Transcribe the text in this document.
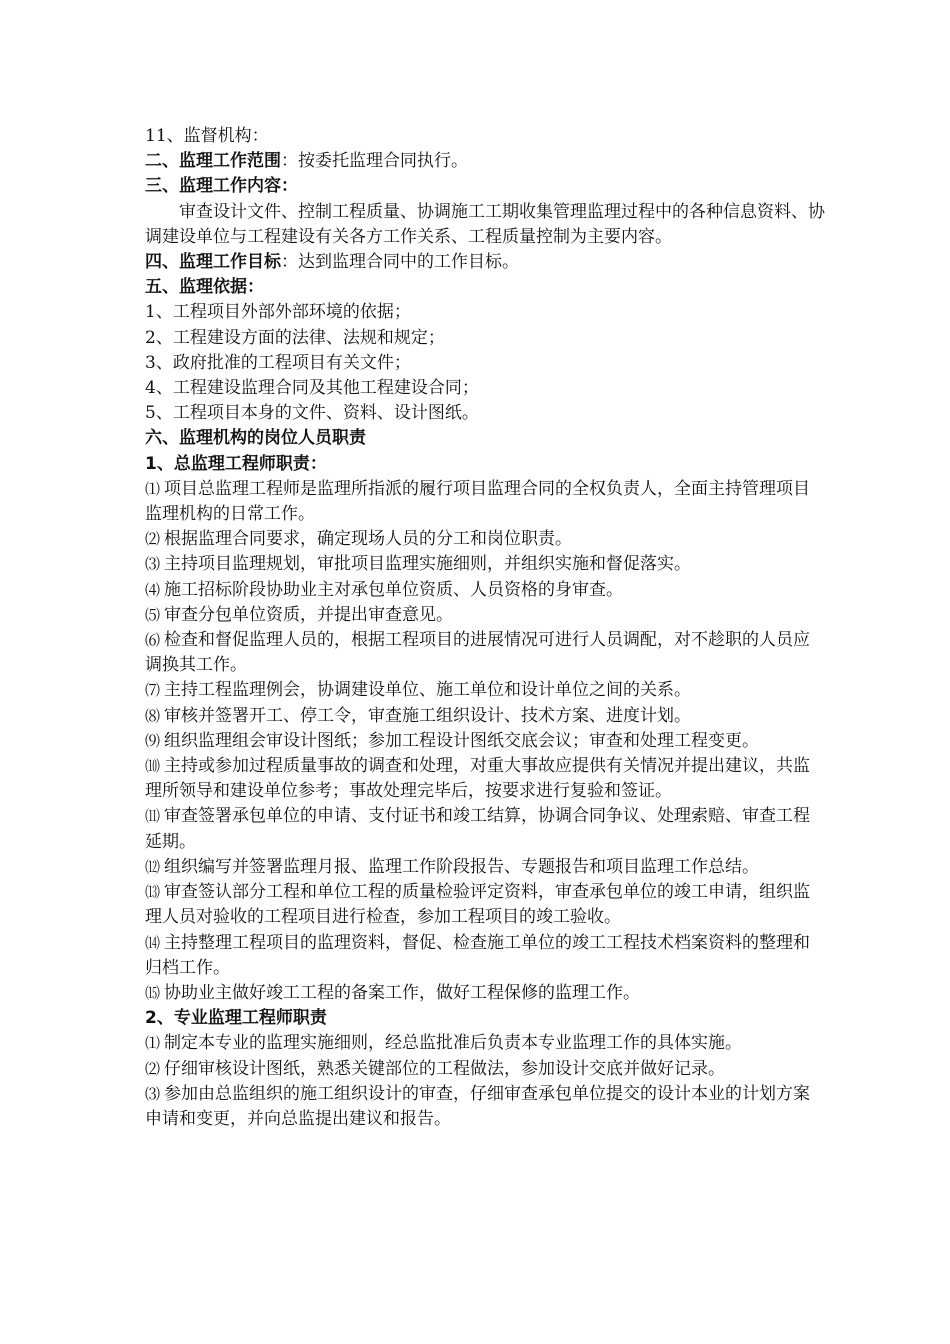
11、监督机构：

二、监理工作范围：按委托监理合同执行。

三、监理工作内容：

审查设计文件、控制工程质量、协调施工工期收集管理监理过程中的各种信息资料、协调建设单位与工程建设有关各方工作关系、工程质量控制为主要内容。

四、监理工作目标：达到监理合同中的工作目标。

五、监理依据：

1、工程项目外部外部环境的依据；

2、工程建设方面的法律、法规和规定；

3、政府批准的工程项目有关文件；

4、工程建设监理合同及其他工程建设合同；

5、工程项目本身的文件、资料、设计图纸。

六、监理机构的岗位人员职责

1、总监理工程师职责：

⑴ 项目总监理工程师是监理所指派的履行项目监理合同的全权负责人，全面主持管理项目监理机构的日常工作。

⑵ 根据监理合同要求，确定现场人员的分工和岗位职责。

⑶ 主持项目监理规划，审批项目监理实施细则，并组织实施和督促落实。

⑷ 施工招标阶段协助业主对承包单位资质、人员资格的身审查。

⑸ 审查分包单位资质，并提出审查意见。

⑹ 检查和督促监理人员的，根据工程项目的进展情况可进行人员调配，对不趁职的人员应调换其工作。

⑺ 主持工程监理例会，协调建设单位、施工单位和设计单位之间的关系。

⑻ 审核并签署开工、停工令，审查施工组织设计、技术方案、进度计划。

⑼ 组织监理组会审设计图纸；参加工程设计图纸交底会议；审查和处理工程变更。

⑽ 主持或参加过程质量事故的调查和处理，对重大事故应提供有关情况并提出建议，共监理所领导和建设单位参考；事故处理完毕后，按要求进行复验和签证。

⑾ 审查签署承包单位的申请、支付证书和竣工结算，协调合同争议、处理索赔、审查工程延期。

⑿ 组织编写并签署监理月报、监理工作阶段报告、专题报告和项目监理工作总结。

⒀ 审查签认部分工程和单位工程的质量检验评定资料，审查承包单位的竣工申请，组织监理人员对验收的工程项目进行检查，参加工程项目的竣工验收。

⒁ 主持整理工程项目的监理资料，督促、检查施工单位的竣工工程技术档案资料的整理和归档工作。

⒂ 协助业主做好竣工工程的备案工作，做好工程保修的监理工作。

2、专业监理工程师职责

⑴ 制定本专业的监理实施细则，经总监批准后负责本专业监理工作的具体实施。

⑵ 仔细审核设计图纸，熟悉关键部位的工程做法，参加设计交底并做好记录。

⑶ 参加由总监组织的施工组织设计的审查，仔细审查承包单位提交的设计本业的计划方案申请和变更，并向总监提出建议和报告。
